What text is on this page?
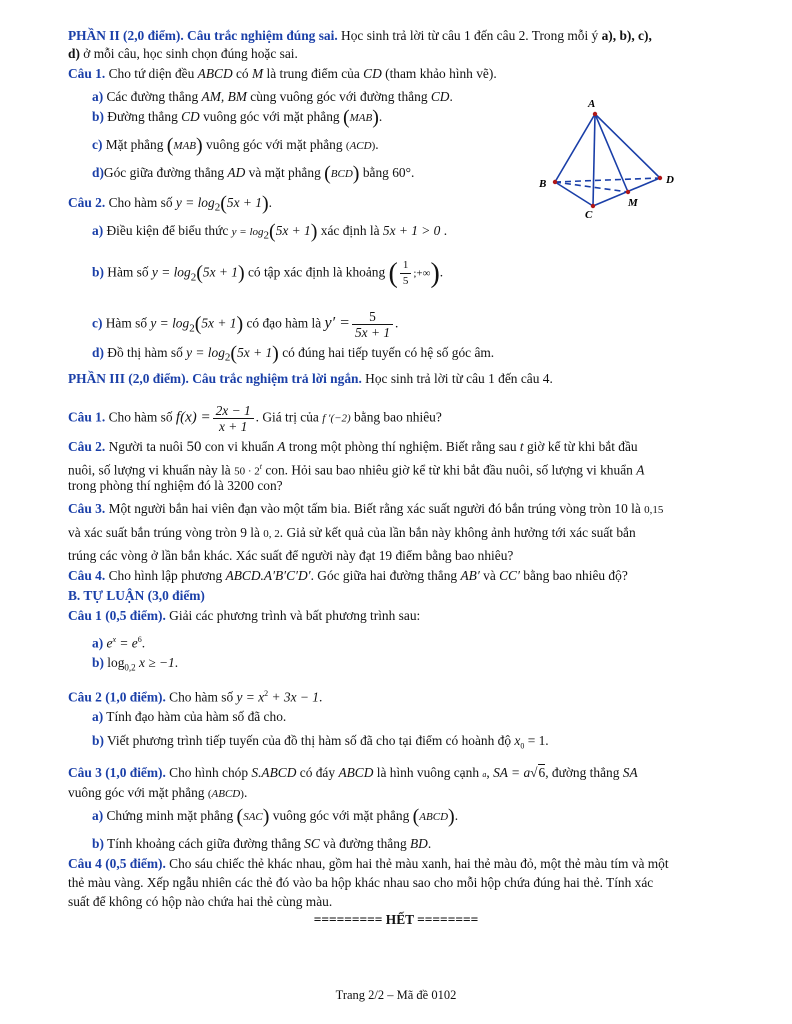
PHẦN II (2,0 điểm). Câu trắc nghiệm đúng sai. Học sinh trả lời từ câu 1 đến câu 2. Trong mỗi ý a), b), c),
d) ở mỗi câu, học sinh chọn đúng hoặc sai.
Câu 1. Cho tứ diện đều ABCD có M là trung điểm của CD (tham khảo hình vẽ).
a) Các đường thẳng AM, BM cùng vuông góc với đường thẳng CD.
b) Đường thẳng CD vuông góc với mặt phẳng (MAB).
c) Mặt phẳng (MAB) vuông góc với mặt phẳng (ACD).
d)Góc giữa đường thẳng AD và mặt phẳng (BCD) bằng 60°.
A
B
C
D
M
Câu 2. Cho hàm số $y = \log_2(5x + 1)$.
a) Điều kiện để biểu thức $y = \log_2(5x + 1)$ xác định là 5x + 1 > 0 .
b) Hàm số $y = \log_2(5x + 1)$ có tập xác định là khoảng ( $\frac{1}{5}$ ;+∞).
c) Hàm số $y = \log_2(5x + 1)$ có đạo hàm là $y' = \frac{5}{5x + 1}$ .
d) Đồ thị hàm số $y = \log_2(5x + 1)$ có đúng hai tiếp tuyến có hệ số góc âm.
PHẦN III (2,0 điểm). Câu trắc nghiệm trả lời ngắn. Học sinh trả lời từ câu 1 đến câu 4.
Câu 1. Cho hàm số $f(x) = \frac{2x - 1}{x + 1}$ . Giá trị của f ′(−2) bằng bao nhiêu?
Câu 2. Người ta nuôi 50 con vi khuẩn A trong một phòng thí nghiệm. Biết rằng sau t giờ kể từ khi bắt đầu
nuôi, số lượng vi khuẩn này là $50 \cdot 2^t$ con. Hỏi sau bao nhiêu giờ kể từ khi bắt đầu nuôi, số lượng vi khuẩn A
trong phòng thí nghiệm đó là 3200 con?
Câu 3. Một người bắn hai viên đạn vào một tấm bia. Biết rằng xác suất người đó bắn trúng vòng tròn 10 là 0,15
và xác suất bắn trúng vòng tròn 9 là 0, 2. Giả sử kết quả của lần bắn này không ảnh hưởng tới xác suất bắn
trúng các vòng ở lần bắn khác. Xác suất để người này đạt 19 điểm bằng bao nhiêu?
Câu 4. Cho hình lập phương ABCD.A′B′C′D′. Góc giữa hai đường thẳng AB′ và CC′ bằng bao nhiêu độ?
B. TỰ LUẬN (3,0 điểm)
Câu 1 (0,5 điểm). Giải các phương trình và bất phương trình sau:
a) $e^x = e^6$.
b) $\log_{0,2} x \ge -1$.
Câu 2 (1,0 điểm). Cho hàm số $y = x^2 + 3x - 1$.
a) Tính đạo hàm của hàm số đã cho.
b) Viết phương trình tiếp tuyến của đồ thị hàm số đã cho tại điểm có hoành độ $x_0 = 1$.
Câu 3 (1,0 điểm). Cho hình chóp S.ABCD có đáy ABCD là hình vuông cạnh a, SA = a√6, đường thẳng SA
vuông góc với mặt phẳng (ABCD).
a) Chứng minh mặt phẳng (SAC) vuông góc với mặt phẳng (ABCD).
b) Tính khoảng cách giữa đường thẳng SC và đường thẳng BD.
Câu 4 (0,5 điểm). Cho sáu chiếc thẻ khác nhau, gồm hai thẻ màu xanh, hai thẻ màu đỏ, một thẻ màu tím và một
thẻ màu vàng. Xếp ngẫu nhiên các thẻ đó vào ba hộp khác nhau sao cho mỗi hộp chứa đúng hai thẻ. Tính xác
suất để không có hộp nào chứa hai thẻ cùng màu.
========= HẾT ========
Trang 2/2 – Mã đề 0102
